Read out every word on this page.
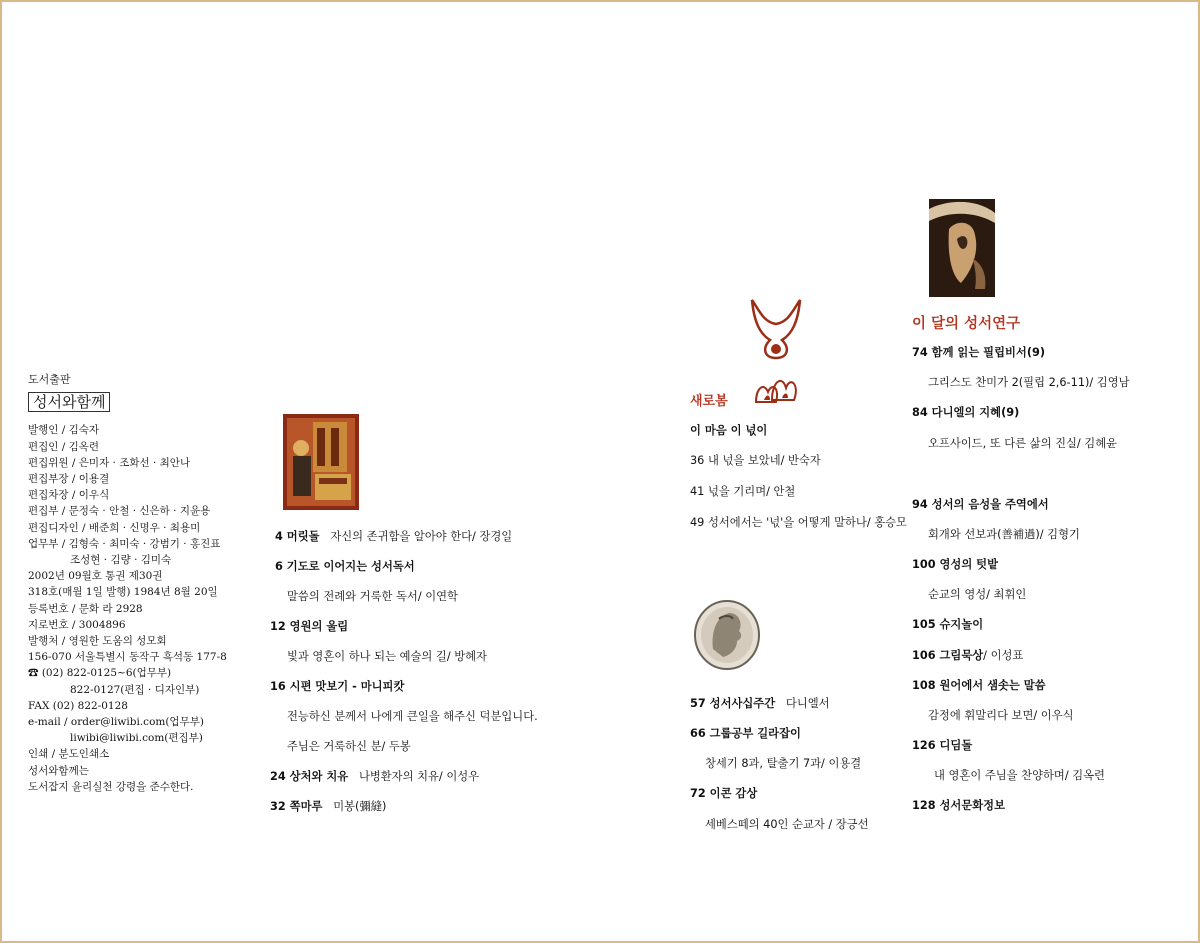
도서출판
성서와함께
발행인 / 김숙자
편집인 / 김옥련
편집위원 / 은미자 · 조화선 · 최안나
편집부장 / 이용결
편집차장 / 이우식
편집부 / 문정숙 · 안철 · 신은하 · 지윤용
편집디자인 / 배준희 · 신명우 · 최용미
업무부 / 김형숙 · 최미숙 · 강범기 · 홍진표
조성현 · 김량 · 김미숙
2002년 09월호 통권 제30권
318호(매월 1일 발행) 1984년 8월 20일
등록번호 / 문화 라 2928
지로번호 / 3004896
발행처 / 영원한 도움의 성모회
156-070 서울특별시 동작구 흑석동 177-8
☎ (02) 822-0125~6(업무부)
822-0127(편집 · 디자인부)
FAX (02) 822-0128
e-mail / order@liwibi.com(업무부)
liwibi@liwibi.com(편집부)
인쇄 / 분도인쇄소
성서와함께는
도서잡지 윤리실천 강령을 준수한다.
4 머릿돌 자신의 존귀함을 알아야 한다/ 장경일
6 기도로 이어지는 성서독서
말씀의 전례와 거룩한 독서/ 이연학
12 영원의 울림
빛과 영혼이 하나 되는 예술의 길/ 방혜자
16 시편 맛보기 - 마니피캇
전능하신 분께서 나에게 큰일을 해주신 덕분입니다.
주님은 거룩하신 분/ 두봉
24 상처와 치유 나병환자의 치유/ 이성우
32 쪽마루 미봉(彌縫)
새로봄
이 마음 이 넋이
36 내 넋을 보았네/ 반숙자
41 넋을 기리며/ 안철
49 성서에서는 '넋'을 어떻게 말하나/ 홍승모
57 성서사십주간 다니엘서
66 그룹공부 길라잡이
창세기 8과, 탈출기 7과/ 이용결
72 이콘 감상
세베스떼의 40인 순교자 / 장긍선
이 달의 성서연구
74 함께 읽는 필립비서(9)
그리스도 찬미가 2(필립 2,6-11)/ 김영남
84 다니엘의 지혜(9)
오프사이드, 또 다른 삶의 진실/ 김혜윤
94 성서의 음성을 주역에서
회개와 선보과(善補過)/ 김형기
100 영성의 텃밭
순교의 영성/ 최휘인
105 슈지놀이
106 그림묵상/ 이성표
108 원어에서 샘솟는 말씀
감정에 휘말리다 보면/ 이우식
126 디딤돌
내 영혼이 주님을 찬양하며/ 김옥련
128 성서문화정보
